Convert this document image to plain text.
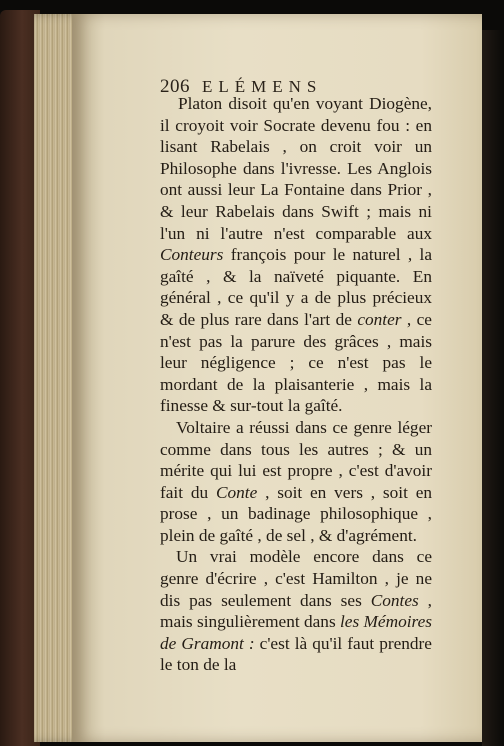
206 ELÉMENS

Platon disoit qu'en voyant Diogène, il croyoit voir Socrate devenu fou : en lisant Rabelais , on croit voir un Philosophe dans l'ivresse. Les Anglois ont aussi leur La Fontaine dans Prior , & leur Rabelais dans Swift ; mais ni l'un ni l'autre n'est comparable aux Conteurs françois pour le naturel , la gaîté , & la naïveté piquante. En général , ce qu'il y a de plus précieux & de plus rare dans l'art de conter , ce n'est pas la parure des grâces , mais leur négligence ; ce n'est pas le mordant de la plaisanterie , mais la finesse & sur-tout la gaîté.

Voltaire a réussi dans ce genre léger comme dans tous les autres ; & un mérite qui lui est propre , c'est d'avoir fait du Conte , soit en vers , soit en prose , un badinage philosophique , plein de gaîté , de sel , & d'agrément.

Un vrai modèle encore dans ce genre d'écrire , c'est Hamilton , je ne dis pas seulement dans ses Contes , mais singulièrement dans les Mémoires de Gramont : c'est là qu'il faut prendre le ton de la
